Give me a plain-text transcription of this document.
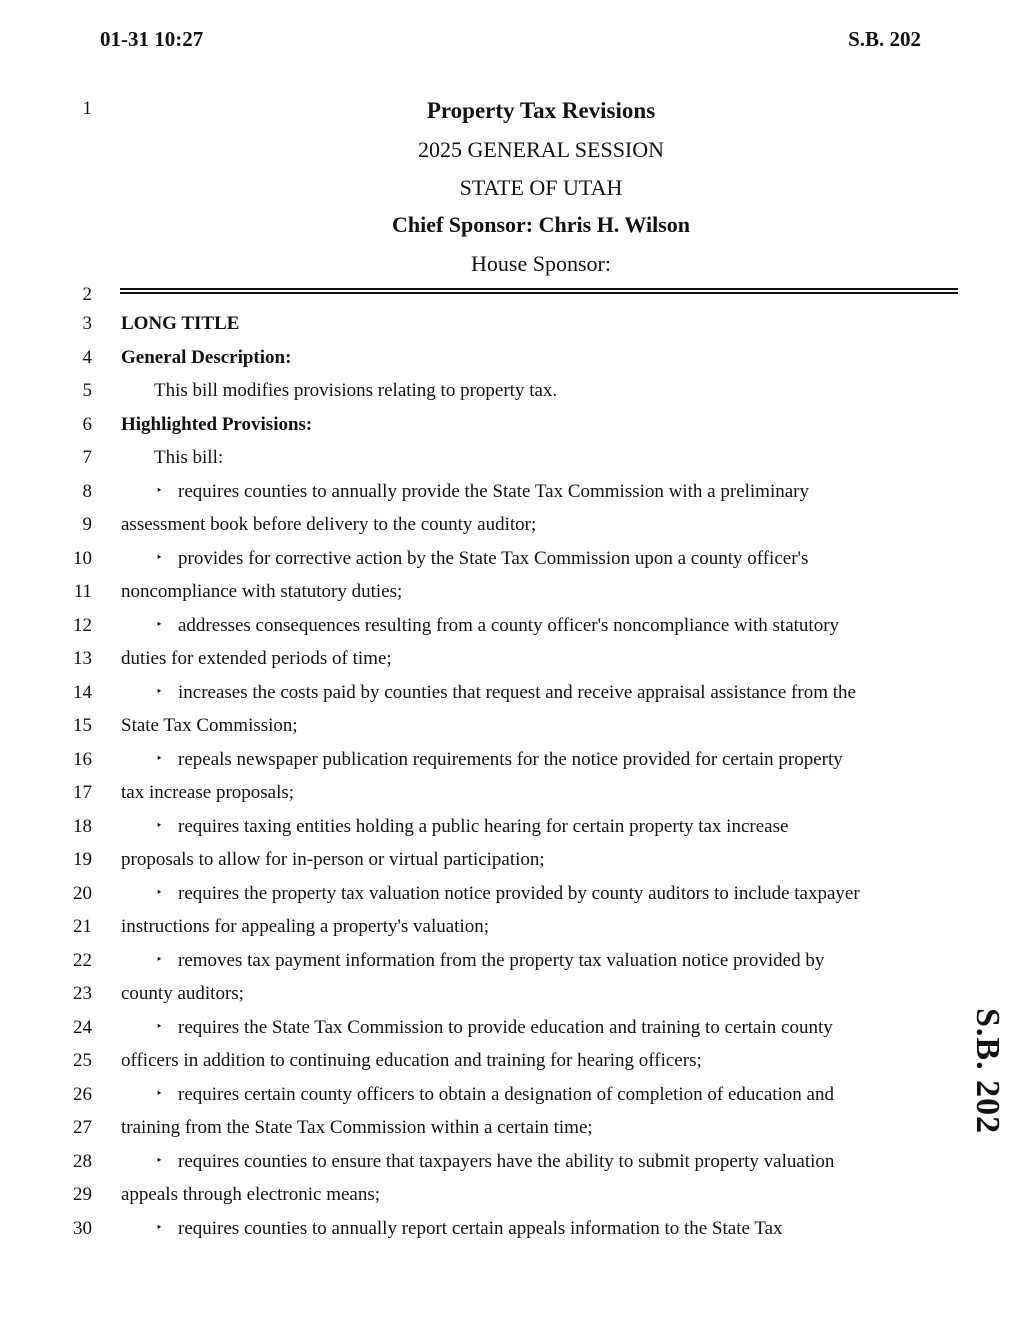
01-31 10:27	S.B. 202
Property Tax Revisions
2025 GENERAL SESSION
STATE OF UTAH
Chief Sponsor: Chris H. Wilson
House Sponsor:
1
2
3
4
5
6
7
8
9
10
11
12
13
14
15
16
17
18
19
20
21
22
23
24
25
26
27
28
29
30
LONG TITLE
General Description:
This bill modifies provisions relating to property tax.
Highlighted Provisions:
This bill:
‣ requires counties to annually provide the State Tax Commission with a preliminary
assessment book before delivery to the county auditor;
‣ provides for corrective action by the State Tax Commission upon a county officer's
noncompliance with statutory duties;
‣ addresses consequences resulting from a county officer's noncompliance with statutory
duties for extended periods of time;
‣ increases the costs paid by counties that request and receive appraisal assistance from the
State Tax Commission;
‣ repeals newspaper publication requirements for the notice provided for certain property
tax increase proposals;
‣ requires taxing entities holding a public hearing for certain property tax increase
proposals to allow for in-person or virtual participation;
‣ requires the property tax valuation notice provided by county auditors to include taxpayer
instructions for appealing a property's valuation;
‣ removes tax payment information from the property tax valuation notice provided by
county auditors;
‣ requires the State Tax Commission to provide education and training to certain county
officers in addition to continuing education and training for hearing officers;
‣ requires certain county officers to obtain a designation of completion of education and
training from the State Tax Commission within a certain time;
‣ requires counties to ensure that taxpayers have the ability to submit property valuation
appeals through electronic means;
‣ requires counties to annually report certain appeals information to the State Tax
S.B. 202
